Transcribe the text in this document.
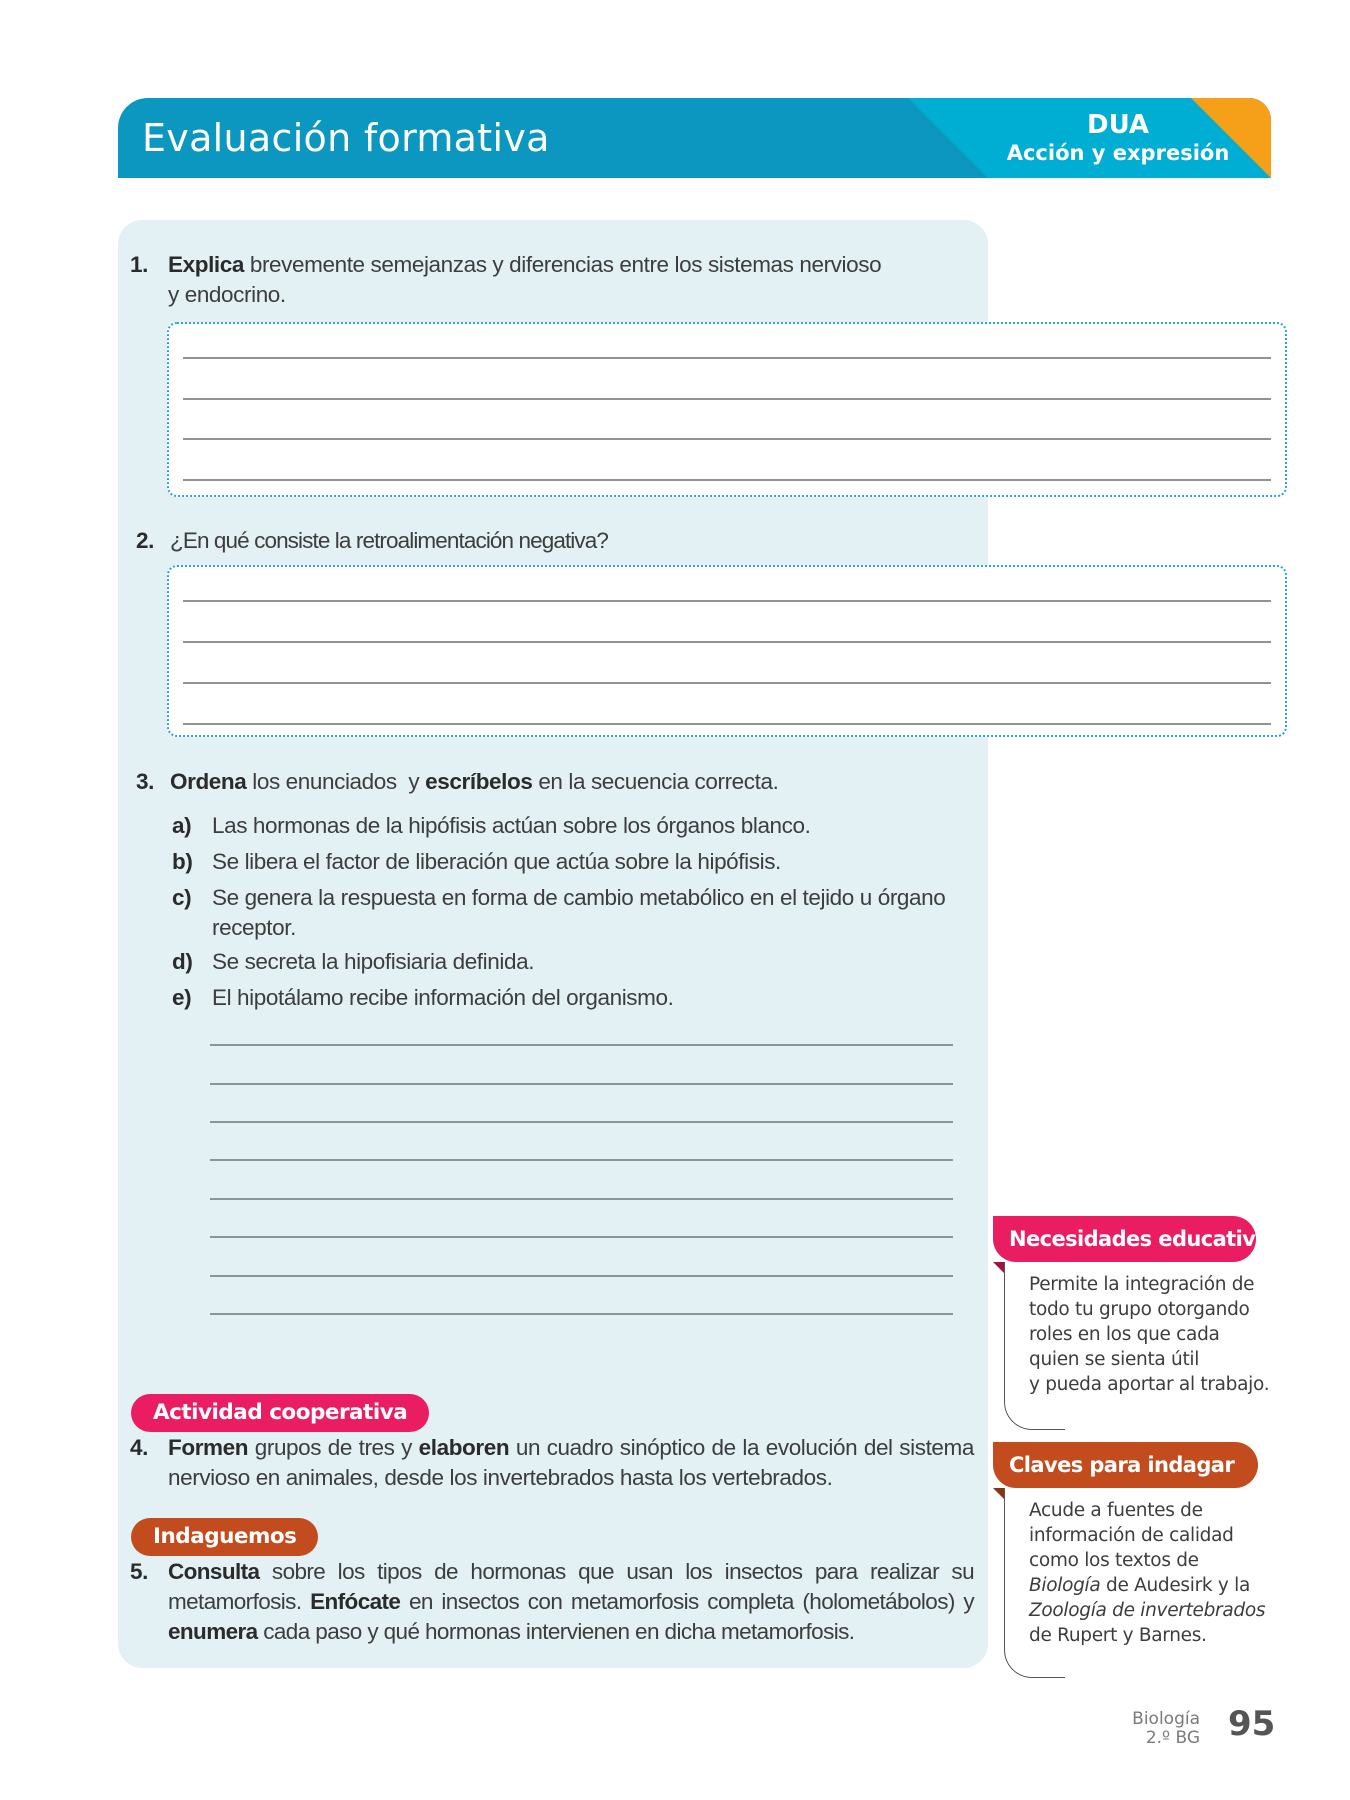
Evaluación formativa	DUA
Acción y expresión
1. Explica brevemente semejanzas y diferencias entre los sistemas nervioso
y endocrino.
2. ¿En qué consiste la retroalimentación negativa?
3. Ordena los enunciados  y escríbelos en la secuencia correcta.
a) Las hormonas de la hipófisis actúan sobre los órganos blanco.
b) Se libera el factor de liberación que actúa sobre la hipófisis.
c) Se genera la respuesta en forma de cambio metabólico en el tejido u órgano receptor.
d) Se secreta la hipofisiaria definida.
e) El hipotálamo recibe información del organismo.
Actividad cooperativa
4. Formen grupos de tres y elaboren un cuadro sinóptico de la evolución del sistema nervioso en animales, desde los invertebrados hasta los vertebrados.
Indaguemos
5. Consulta sobre los tipos de hormonas que usan los insectos para realizar su metamorfosis. Enfócate en insectos con metamorfosis completa (holometábolos) y enumera cada paso y qué hormonas intervienen en dicha metamorfosis.
Necesidades educativas
Permite la integración de
todo tu grupo otorgando
roles en los que cada
quien se sienta útil
y pueda aportar al trabajo.
Claves para indagar
Acude a fuentes de
información de calidad
como los textos de
Biología de Audesirk y la
Zoología de invertebrados
de Rupert y Barnes.
Biología
2.º BG 95
